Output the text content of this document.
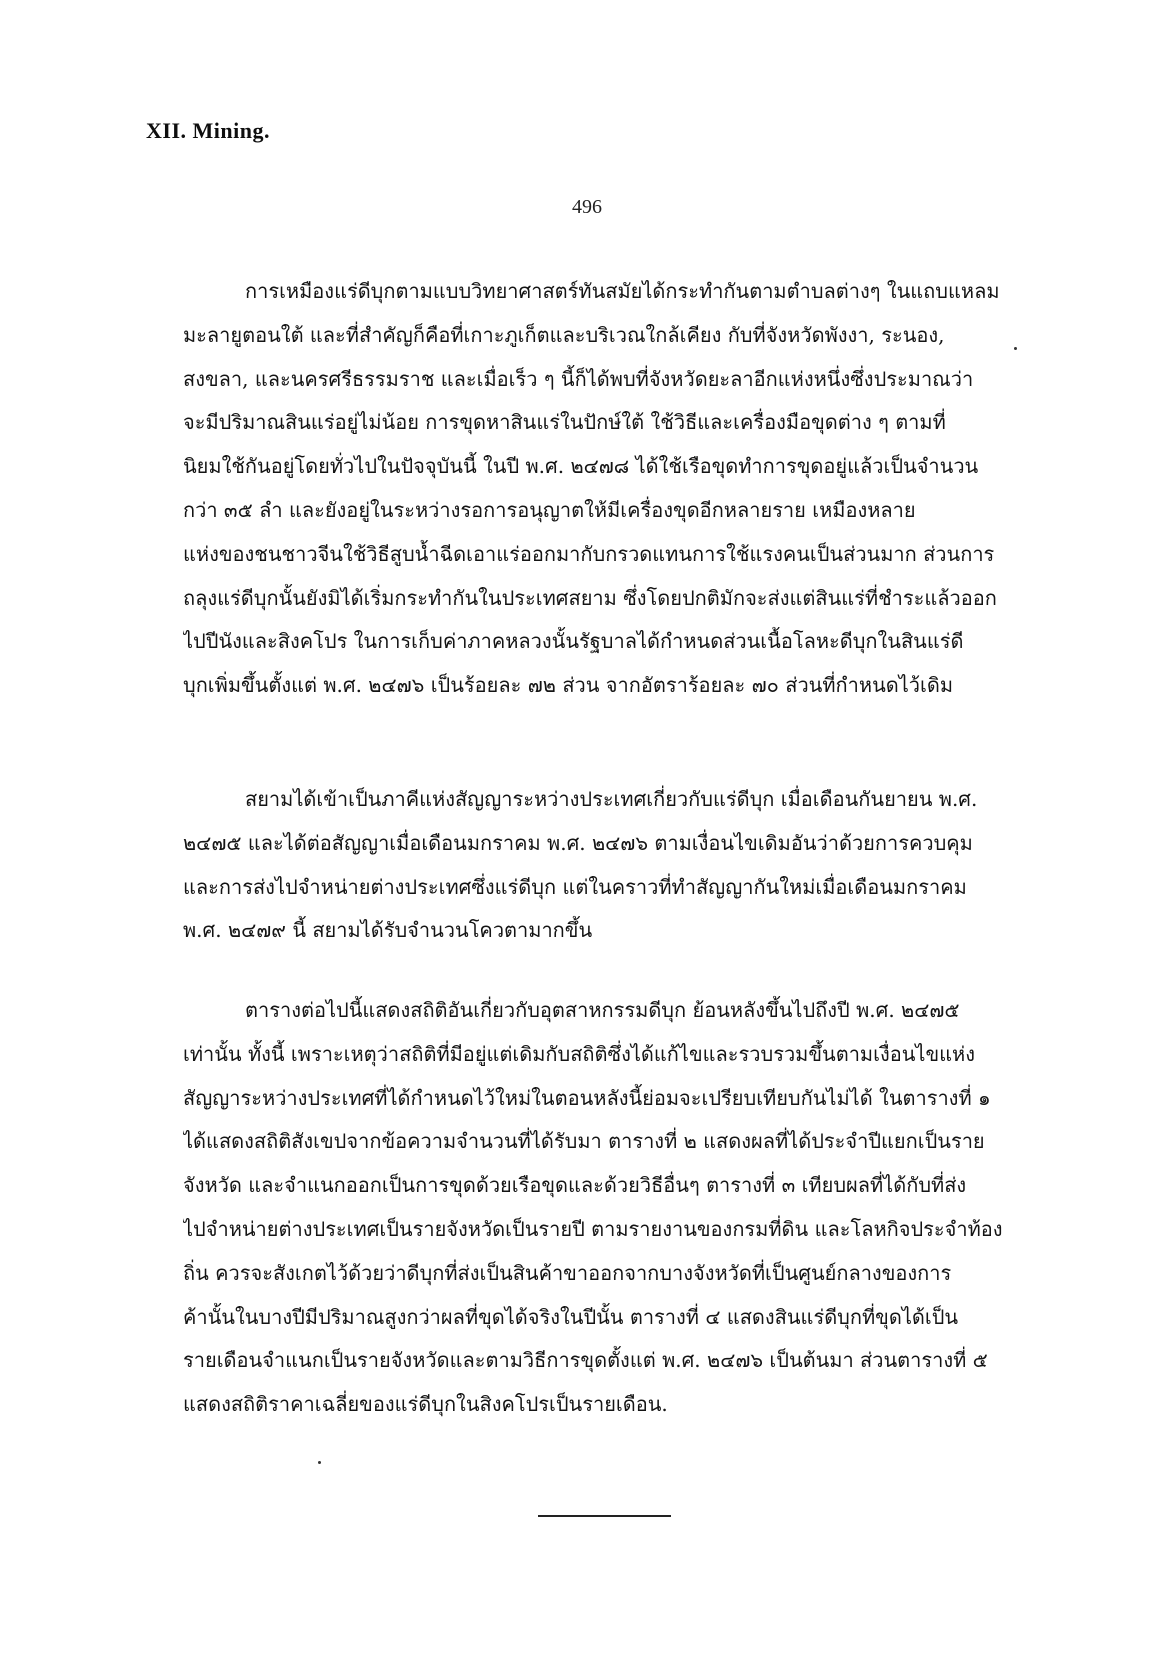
XII. Mining.
496
การเหมืองแร่ดีบุกตามแบบวิทยาศาสตร์ทันสมัยได้กระทำกันตามตำบลต่างๆ ในแถบแหลม
มะลายูตอนใต้ และที่สำคัญก็คือที่เกาะภูเก็ตและบริเวณใกล้เคียง กับที่จังหวัดพังงา, ระนอง,
สงขลา, และนครศรีธรรมราช และเมื่อเร็ว ๆ นี้ก็ได้พบที่จังหวัดยะลาอีกแห่งหนึ่งซึ่งประมาณว่า
จะมีปริมาณสินแร่อยู่ไม่น้อย การขุดหาสินแร่ในปักษ์ใต้ ใช้วิธีและเครื่องมือขุดต่าง ๆ ตามที่
นิยมใช้กันอยู่โดยทั่วไปในปัจจุบันนี้ ในปี พ.ศ. ๒๔๗๘ ได้ใช้เรือขุดทำการขุดอยู่แล้วเป็นจำนวน
กว่า ๓๕ ลำ และยังอยู่ในระหว่างรอการอนุญาตให้มีเครื่องขุดอีกหลายราย เหมืองหลาย
แห่งของชนชาวจีนใช้วิธีสูบน้ำฉีดเอาแร่ออกมากับกรวดแทนการใช้แรงคนเป็นส่วนมาก ส่วนการ
ถลุงแร่ดีบุกนั้นยังมิได้เริ่มกระทำกันในประเทศสยาม ซึ่งโดยปกติมักจะส่งแต่สินแร่ที่ชำระแล้วออก
ไปปีนังและสิงคโปร ในการเก็บค่าภาคหลวงนั้นรัฐบาลได้กำหนดส่วนเนื้อโลหะดีบุกในสินแร่ดี
บุกเพิ่มขึ้นตั้งแต่ พ.ศ. ๒๔๗๖ เป็นร้อยละ ๗๒ ส่วน จากอัตราร้อยละ ๗๐ ส่วนที่กำหนดไว้เดิม
สยามได้เข้าเป็นภาคีแห่งสัญญาระหว่างประเทศเกี่ยวกับแร่ดีบุก เมื่อเดือนกันยายน พ.ศ.
๒๔๗๕ และได้ต่อสัญญาเมื่อเดือนมกราคม พ.ศ. ๒๔๗๖ ตามเงื่อนไขเดิมอันว่าด้วยการควบคุม
และการส่งไปจำหน่ายต่างประเทศซึ่งแร่ดีบุก แต่ในคราวที่ทำสัญญากันใหม่เมื่อเดือนมกราคม
พ.ศ. ๒๔๗๙ นี้ สยามได้รับจำนวนโควตามากขึ้น
ตารางต่อไปนี้แสดงสถิติอันเกี่ยวกับอุตสาหกรรมดีบุก ย้อนหลังขึ้นไปถึงปี พ.ศ. ๒๔๗๕
เท่านั้น ทั้งนี้ เพราะเหตุว่าสถิติที่มีอยู่แต่เดิมกับสถิติซึ่งได้แก้ไขและรวบรวมขึ้นตามเงื่อนไขแห่ง
สัญญาระหว่างประเทศที่ได้กำหนดไว้ใหม่ในตอนหลังนี้ย่อมจะเปรียบเทียบกันไม่ได้ ในตารางที่ ๑
ได้แสดงสถิติสังเขปจากข้อความจำนวนที่ได้รับมา ตารางที่ ๒ แสดงผลที่ได้ประจำปีแยกเป็นราย
จังหวัด และจำแนกออกเป็นการขุดด้วยเรือขุดและด้วยวิธีอื่นๆ ตารางที่ ๓ เทียบผลที่ได้กับที่ส่ง
ไปจำหน่ายต่างประเทศเป็นรายจังหวัดเป็นรายปี ตามรายงานของกรมที่ดิน และโลหกิจประจำท้อง
ถิ่น ควรจะสังเกตไว้ด้วยว่าดีบุกที่ส่งเป็นสินค้าขาออกจากบางจังหวัดที่เป็นศูนย์กลางของการ
ค้านั้นในบางปีมีปริมาณสูงกว่าผลที่ขุดได้จริงในปีนั้น ตารางที่ ๔ แสดงสินแร่ดีบุกที่ขุดได้เป็น
รายเดือนจำแนกเป็นรายจังหวัดและตามวิธีการขุดตั้งแต่ พ.ศ. ๒๔๗๖ เป็นต้นมา ส่วนตารางที่ ๕
แสดงสถิติราคาเฉลี่ยของแร่ดีบุกในสิงคโปรเป็นรายเดือน.
